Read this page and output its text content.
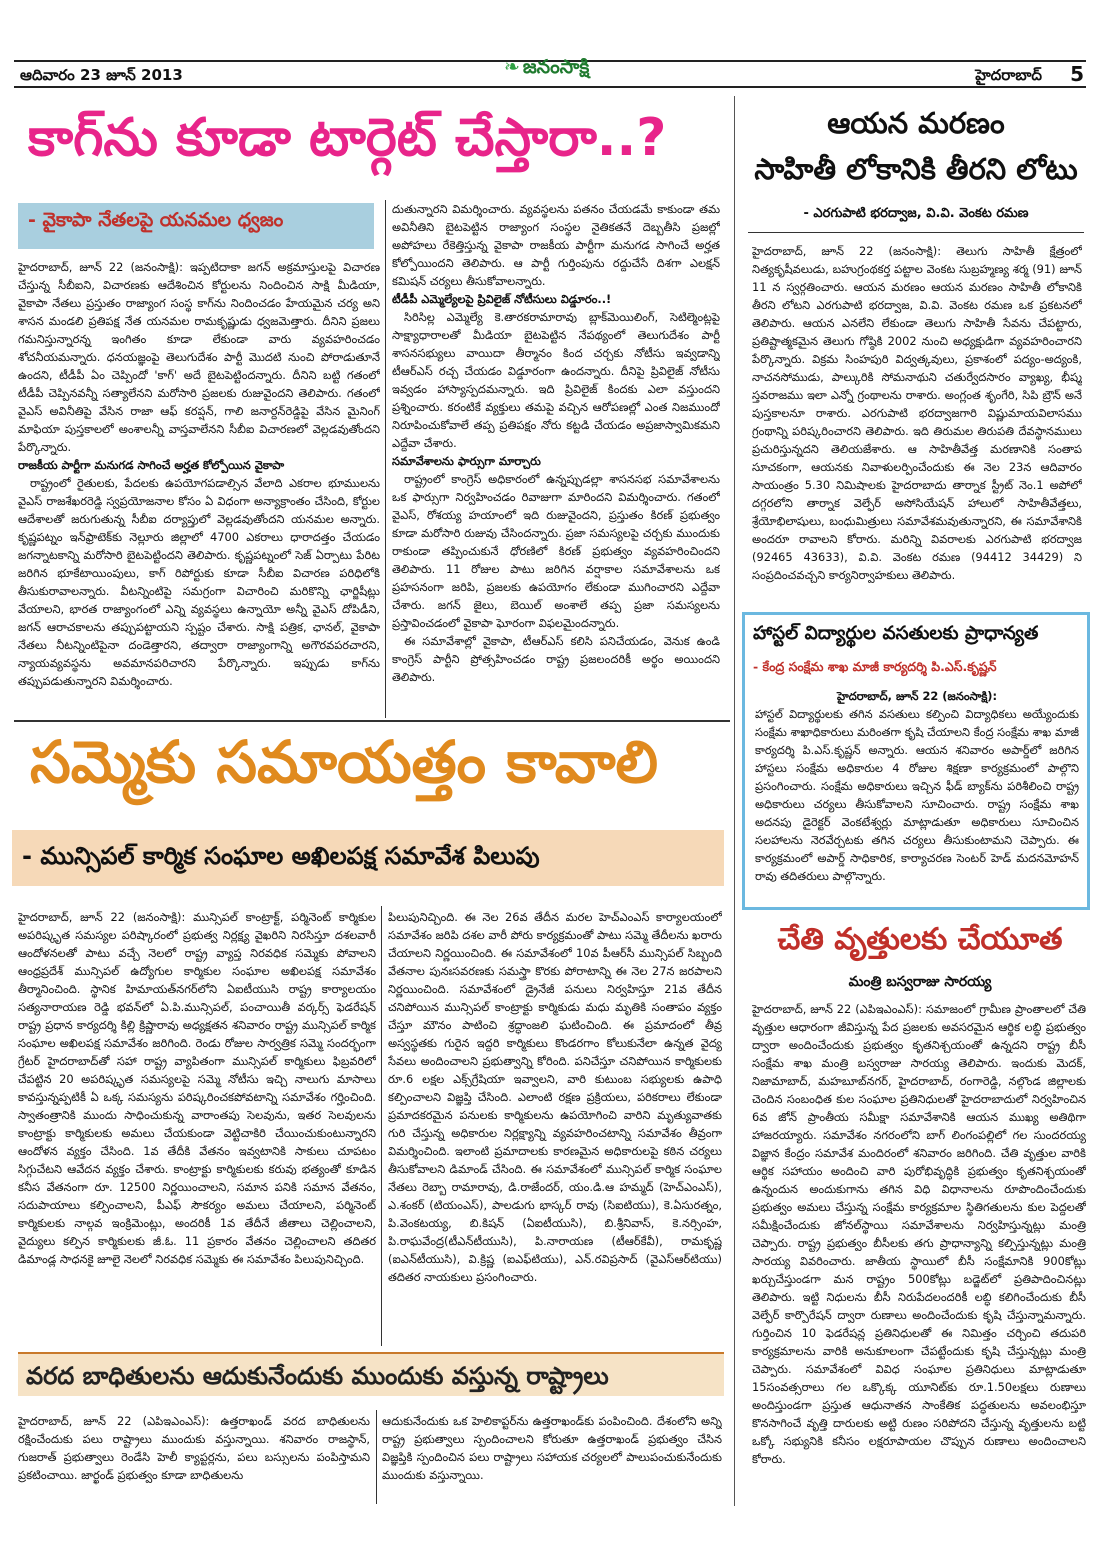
ఆదివారం 23 జూన్ 2013	❧ జనంసాక్షి	హైదరాబాద్ 5
కాగ్‌ను కూడా టార్గెట్ చేస్తారా..?
- వైకాపా నేతలపై యనమల ధ్వజం

హైదరాబాద్, జూన్ 22 (జనంసాక్షి): ఇప్పటిదాకా జగన్ అక్రమాస్తులపై విచారణ చేస్తున్న సీబీఐని, విచారణకు ఆదేశించిన కోర్టులను నిందించిన సాక్షి మీడియా, వైకాపా నేతలు ప్రస్తుతం రాజ్యాంగ సంస్థ కాగ్‌ను నిందించడం హేయమైన చర్య అని శాసన మండలి ప్రతిపక్ష నేత యనమల రామకృష్ణుడు ధ్వజమెత్తారు. దీనిని ప్రజలు గమనిస్తున్నారన్న ఇంగితం కూడా లేకుండా వారు వ్యవహరించడం శోచనీయమన్నారు. ధనయజ్ఞంపై తెలుగుదేశం పార్టీ మొదటి నుంచి పోరాడుతూనే ఉందని, టీడీపీ ఏం చెప్పిందో 'కాగ్' అదే బైటపెట్టిందన్నారు. దీనిని బట్టి గతంలో టీడీపీ చెప్పినవన్నీ సత్యాలేనని మరోసారి ప్రజలకు రుజువైందని తెలిపారు. గతంలో వైఎస్ అవినీతిపై వేసిన రాజా ఆఫ్ కరప్షన్, గాలి జనార్దన్‌రెడ్డిపై వేసిన మైనింగ్ మాఫియా పుస్తకాలలో అంశాలన్నీ వాస్తవాలేనని సీబీఐ విచారణలో వెల్లడవుతోందని పేర్కొన్నారు.

రాజకీయ పార్టీగా మనుగడ సాగించే అర్హత కోల్పోయిన వైకాపా

రాష్ట్రంలో రైతులకు, పేదలకు ఉపయోగపడాల్సిన వేలాది ఎకరాల భూములను వైఎస్ రాజశేఖరరెడ్డి స్వప్రయోజనాల కోసం ఏ విధంగా అన్యాక్రాంతం చేసింది, కోర్టుల ఆదేశాలతో జరుగుతున్న సీబీఐ దర్యాప్తులో వెల్లడవుతోందని యనమల అన్నారు. కృష్ణపట్నం ఇన్‌ఫ్రాటెక్‌కు నెల్లూరు జిల్లాలో 4700 ఎకరాలు ధారాదత్తం చేయడం జగన్నాటకాన్ని మరోసారి బైటపెట్టిందని తెలిపారు. కృష్ణపట్నంలో సెజ్ ఏర్పాటు పేరిట జరిగిన భూకేటాయింపులు, కాగ్ రిపోర్టుకు కూడా సీబీఐ విచారణ పరిధిలోకి తీసుకురావాలన్నారు. వీటన్నింటిపై సమగ్రంగా విచారించి మరికొన్ని ఛార్జిషీట్లు వేయాలని, భారత రాజ్యాంగంలో ఎన్ని వ్యవస్థలు ఉన్నాయో అన్నీ వైఎస్ దోపిడీని, జగన్ ఆరాచకాలను తప్పుపట్టాయని స్పష్టం చేశారు. సాక్షి పత్రిక, ఛానల్, వైకాపా నేతలు నీటన్నింటిపైనా దండెత్తారని, తద్వారా రాజ్యాంగాన్ని అగౌరవపరచారని, న్యాయవ్యవస్థను అవమానపరిచారని పేర్కొన్నారు. ఇప్పుడు కాగ్‌ను తప్పుపడుతున్నారని విమర్శించారు.

దుతున్నారని విమర్శించారు. వ్యవస్థలను పతనం చేయడమే కాకుండా తమ అవినీతిని బైటపెట్టిన రాజ్యాంగ సంస్థల నైతికతనే దెబ్బతీసి ప్రజల్లో అపోహలు రేకెత్తిస్తున్న వైకాపా రాజకీయ పార్టీగా మనుగడ సాగించే అర్హత కోల్పోయిందని తెలిపారు. ఆ పార్టీ గుర్తింపును రద్దుచేసే దిశగా ఎలక్షన్ కమిషన్ చర్యలు తీసుకోవాలన్నారు.

టీడీపీ ఎమ్మెల్యేలపై ప్రివిలైజ్ నోటీసులు విడ్డూరం..!

సిరిసిల్ల ఎమ్మెల్యే కె.తారకరామారావు బ్లాక్‌మెయిలింగ్, సెటిల్మెంట్లపై సాక్ష్యాధారాలతో మీడియా బైటపెట్టిన నేపథ్యంలో తెలుగుదేశం పార్టీ శాసనసభ్యులు వాయిదా తీర్మానం కింద చర్చకు నోటీసు ఇవ్వడాన్ని టీఆర్‌ఎస్ రచ్చ చేయడం విడ్డూరంగా ఉందన్నారు. దీనిపై ప్రివిలైజ్ నోటీసు ఇవ్వడం హాస్యాస్పదమన్నారు. ఇది ప్రివిలైజ్ కిందకు ఎలా వస్తుందని ప్రశ్నించారు. కరంటికే వ్యక్తులు తమపై వచ్చిన ఆరోపణల్లో ఎంత నిజముందో నిరూపించుకోవాలే తప్ప ప్రతిపక్షం నోరు కట్టడి చేయడం అప్రజాస్వామికమని ఎద్దేవా చేశారు.

సమావేశాలను ఫార్సుగా మార్చారు

రాష్ట్రంలో కాంగ్రెస్ అధికారంలో ఉన్నప్పుడల్లా శాసనసభ సమావేశాలను ఒక ఫార్సుగా నిర్వహించడం రివాజుగా మారిందని విమర్శించారు. గతంలో వైఎస్, రోశయ్య హయాంలో ఇది రుజువైందని, ప్రస్తుతం కిరణ్ ప్రభుత్వం కూడా మరోసారి రుజువు చేసిందన్నారు. ప్రజా సమస్యలపై చర్చకు ముందుకు రాకుండా తప్పించుకునే ధోరణిలో కిరణ్ ప్రభుత్వం వ్యవహరించిందని తెలిపారు. 11 రోజుల పాటు జరిగిన వర్షాకాల సమావేశాలను ఒక ప్రహసనంగా జరిపి, ప్రజలకు ఉపయోగం లేకుండా ముగించారని ఎద్దేవా చేశారు. జగన్ జైలు, బెయిల్ అంశాలే తప్ప ప్రజా సమస్యలను ప్రస్తావించడంలో వైకాపా ఘోరంగా విఫలమైందన్నారు.

ఈ సమావేశాల్లో వైకాపా, టీఆర్‌ఎస్ కలిసి పనిచేయడం, వెనుక ఉండి కాంగ్రెస్ పార్టీని ప్రోత్సహించడం రాష్ట్ర ప్రజలందరికీ అర్థం అయిందని తెలిపారు.

సమ్మెకు సమాయత్తం కావాలి
- మున్సిపల్ కార్మిక సంఘాల అఖిలపక్ష సమావేశ పిలుపు

హైదరాబాద్, జూన్ 22 (జనంసాక్షి): మున్సిపల్ కాంట్రాక్ట్, పర్మినెంట్ కార్మికుల అపరిష్కృత సమస్యల పరిష్కారంలో ప్రభుత్వ నిర్లక్ష్య వైఖరిని నిరసిస్తూ దశలవారీ ఆందోళనలతో పాటు వచ్చే నెలలో రాష్ట్ర వ్యాప్త నిరవధిక సమ్మెకు పోవాలని ఆంధ్రప్రదేశ్ మున్సిపల్ ఉద్యోగుల కార్మికుల సంఘాల అఖిలపక్ష సమావేశం తీర్మానించింది. స్థానిక హిమాయత్‌నగర్‌లోని ఏఐటీయుసి రాష్ట్ర కార్యాలయం సత్యనారాయణ రెడ్డి భవన్‌లో ఏ.పి.మున్సిపల్, పంచాయితీ వర్కర్స్ ఫెడరేషన్ రాష్ట్ర ప్రధాన కార్యదర్శి కిల్లి క్రిష్ణారావు అధ్యక్షతన శనివారం రాష్ట్ర మున్సిపల్ కార్మిక సంఘాల అఖిలపక్ష సమావేశం జరిగింది. రెండు రోజుల సార్వత్రిక సమ్మె సందర్భంగా గ్రేటర్ హైదరాబాద్‌తో సహా రాష్ట్ర వ్యాపితంగా మున్సిపల్ కార్మికులు ఫిబ్రవరిలో చేపట్టిన 20 అపరిష్కృత సమస్యలపై సమ్మె నోటీసు ఇచ్చి నాలుగు మాసాలు కావస్తున్నప్పటికీ ఏ ఒక్క సమస్యను పరిష్కరించకపోవటాన్ని సమావేశం గర్హించింది. స్వాతంత్రానికి ముందు సాధించుకున్న వారాంతపు సెలవును, ఇతర సెలవులను కాంట్రాక్టు కార్మికులకు అమలు చేయకుండా వెట్టిచాకిరి చేయించుకుంటున్నారని ఆందోళన వ్యక్తం చేసింది. 1వ తేదీకి వేతనం ఇవ్వటానికి సాకులు చూపటం సిగ్గుచేటని ఆవేదన వ్యక్తం చేశారు. కాంట్రాక్టు కార్మికులకు కరువు భత్యంతో కూడిన కనీస వేతనంగా రూ. 12500 నిర్ణయించాలని, సమాన పనికి సమాన వేతనం, సదుపాయాలు కల్పించాలని, పీఎఫ్ సౌకర్యం అమలు చేయాలని, పర్మినెంట్ కార్మికులకు నాల్గవ ఇంక్రిమెంట్లు, అందరికీ 1వ తేదీనే జీతాలు చెల్లించాలని, వైద్యులు కల్పిన కార్మికులకు జీ.ఓ. 11 ప్రకారం వేతనం చెల్లించాలని తదితర డిమాండ్ల సాధనకై జూలై నెలలో నిరవధిక సమ్మెకు ఈ సమావేశం పిలుపునిచ్చింది.

పిలుపునిచ్చింది. ఈ నెల 26వ తేదీన మరల హెచ్‌ఎంఎస్ కార్యాలయంలో సమావేశం జరిపి దశల వారీ పోరు కార్యక్రమంతో పాటు సమ్మె తేదీలను ఖరారు చేయాలని నిర్ణయించింది. ఈ సమావేశంలో 10వ పీఆర్‌సీ మున్సిపల్ సిబ్బంది వేతనాల పునఃసవరణకు సమస్త్రా కొరకు పోరాటాన్ని ఈ నెల 27న జరపాలని నిర్ణయించింది. సమావేశంలో డ్రైనేజీ పనులు నిర్వహిస్తూ 21వ తేదీన చనిపోయిన మున్సిపల్ కాంట్రాక్టు కార్మికుడు మధు మృతికి సంతాపం వ్యక్తం చేస్తూ మౌనం పాటించి శ్రద్ధాంజలి ఘటించింది. ఈ ప్రమాదంలో తీవ్ర అస్వస్థతకు గురైన ఇద్దరి కార్మికులు కొండరగాం కోలుకునేలా ఉన్నత వైద్య సేవలు అందించాలని ప్రభుత్వాన్ని కోరింది. పనిచేస్తూ చనిపోయిన కార్మికులకు రూ.6 లక్షల ఎక్స్‌గ్రేషియా ఇవ్వాలని, వారి కుటుంబ సభ్యులకు ఉపాధి కల్పించాలని విజ్ఞప్తి చేసింది. ఎలాంటి రక్షణ ప్రక్రియలు, పరికరాలు లేకుండా ప్రమాదకరమైన పనులకు కార్మికులను ఉపయోగించి వారిని మృత్యువాతకు గురి చేస్తున్న అధికారుల నిర్లక్ష్యాన్ని వ్యవహరించటాన్ని సమావేశం తీవ్రంగా విమర్శించింది. ఇలాంటి ప్రమాదాలకు కారణమైన అధికారులపై కఠిన చర్యలు తీసుకోవాలని డిమాండ్ చేసింది. ఈ సమావేశంలో మున్సిపల్ కార్మిక సంఘాల నేతలు రెబ్బా రామారావు, డి.రాజేందర్, యం.డి.ఆ హమ్మద్ (హెచ్‌ఎంఎస్), ఎ.శంకర్ (టియంఎస్), పాలడుగు భాస్కర్ రావు (సిఐటియు), కె.ఏసురత్నం, పి.వెంకటయ్య, బి.కిషన్ (ఏఐటీయుసి), బి.శ్రీనివాస్, కె.నర్సింహ, పి.రాఘవేంద్ర(టీఎన్‌టీయుసి), పి.నారాయణ (టీఆర్‌కేవీ), రామకృష్ణ (ఐఎన్‌టీయుసి), వి.క్రిష్ణ (ఐఎఫ్‌టియు), ఎన్.రవిప్రసాద్ (వైఎస్ఆర్‌టియు) తదితర నాయకులు ప్రసంగించారు.

వరద బాధితులను ఆదుకునేందుకు ముందుకు వస్తున్న రాష్ట్రాలు

హైదరాబాద్, జూన్ 22 (ఎపిఇఎంఎస్): ఉత్తరాఖండ్ వరద బాధితులను రక్షించేందుకు పలు రాష్ట్రాలు ముందుకు వస్తున్నాయి. శనివారం రాజస్థాన్, గుజరాత్ ప్రభుత్వాలు రెండేసి హెలీ క్యాప్టర్లను, పలు బస్సులను పంపిస్తామని ప్రకటించాయి. జార్ఖండ్ ప్రభుత్వం కూడా బాధితులను

ఆదుకునేందుకు ఒక హెలికాప్టర్‌ను ఉత్తరాఖండ్‌కు పంపించింది. దేశంలోని అన్ని రాష్ట్ర ప్రభుత్వాలు స్పందించాలని కోరుతూ ఉత్తరాఖండ్ ప్రభుత్వం చేసిన విజ్ఞప్తికి స్పందించిన పలు రాష్ట్రాలు సహాయక చర్యలలో పాలుపంచుకునేందుకు ముందుకు వస్తున్నాయి.

ఆయన మరణం
సాహితీ లోకానికి తీరని లోటు
- ఎరగుపాటి భరద్వాజ, వి.వి. వెంకట రమణ

హైదరాబాద్, జూన్ 22 (జనంసాక్షి): తెలుగు సాహితీ క్షేత్రంలో నిత్యకృషీవలుడు, బహుగ్రంథకర్త పట్టాల వెంకట సుబ్రహ్మణ్య శర్మ (91) జూన్ 11 న స్వర్గతించారు. ఆయన మరణం ఆయన మరణం సాహితీ లోకానికి తీరని లోటని ఎరగుపాటి భరద్వాజ, వి.వి. వెంకట రమణ ఒక ప్రకటనలో తెలిపారు. ఆయన ఎనలేని లేకుండా తెలుగు సాహితీ సేవను చేపట్టారు, ప్రతిష్టాత్మకమైన తెలుగు గోష్ఠికి 2002 నుంచి అధ్యక్షుడిగా వ్యవహరించారని పేర్కొన్నారు. విక్రమ సింహపురి విద్వత్కవులు, ప్రకాశంలో పద్యం-అద్యంకి, నాచనసోముడు, పాల్కురికి సోమనాథుని చతుర్వేదసారం వ్యాఖ్య, భీష్మ స్తవరాజము ఇలా ఎన్నో గ్రంథాలను రాశారు. అంగ్లంత శృంగేరి, సిపి బ్రౌన్ అనే పుస్తకాలనూ రాశారు. ఎరగుపాటి భరద్వాజగారి విష్ణుమాయవిలాసము గ్రంథాన్ని పరిష్కరించారని తెలిపారు. ఇది తిరుమల తిరుపతి దేవస్థానములు ప్రచురిస్తున్నదని తెలియజేశారు. ఆ సాహితీవేత్త మరణానికి సంతాప సూచకంగా, ఆయనకు నివాళులర్పించేందుకు ఈ నెల 23న ఆదివారం సాయంత్రం 5.30 నిమిషాలకు హైదరాబాదు తార్నాక స్ట్రీట్ నెం.1 అపోలో దగ్గరలోని తార్నాక వెల్ఫేర్ అసోసియేషన్ హాలులో సాహితీవేత్తలు, శ్రేయోభిలాషులు, బంధుమిత్రులు సమావేశమవుతున్నారని, ఈ సమావేశానికి అందరూ రావాలని కోరారు. మరిన్ని వివరాలకు ఎరగుపాటి భరద్వాజ (92465 43633), వి.వి. వెంకట రమణ (94412 34429) ని సంప్రదించవచ్చని కార్యనిర్వాహకులు తెలిపారు.

హాస్టల్ విద్యార్థుల వసతులకు ప్రాధాన్యత
- కేంద్ర సంక్షేమ శాఖ మాజీ కార్యదర్శి పి.ఎస్.కృష్ణన్

హైదరాబాద్, జూన్ 22 (జనంసాక్షి):

హాస్టల్ విద్యార్థులకు తగిన వసతులు కల్పించి విద్యాధికలు అయ్యేందుకు సంక్షేమ శాఖాధికారులు మరింతగా కృషి చేయాలని కేంద్ర సంక్షేమ శాఖ మాజీ కార్యదర్శి పి.ఎస్.కృష్ణన్ అన్నారు. ఆయన శనివారం అపార్డ్‌లో జరిగిన హాస్టలు సంక్షేమ అధికారుల 4 రోజుల శిక్షణా కార్యక్రమంలో పాల్గొని ప్రసంగించారు. సంక్షేమ అధికారులు ఇచ్చిన ఫీడ్ బ్యాక్‌ను పరిశీలించి రాష్ట్ర అధికారులు చర్యలు తీసుకోవాలని సూచించారు. రాష్ట్ర సంక్షేమ శాఖ అదనపు డైరెక్టర్ వెంకటేశ్వర్లు మాట్లాడుతూ అధికారులు సూచించిన సలహాలను నెరవేర్చటకు తగిన చర్యలు తీసుకుంటామని చెప్పారు. ఈ కార్యక్రమంలో అపార్డ్ సాధికారిక, కార్యాచరణ సెంటర్ హెడ్ మదనమోహన్ రావు తదితరులు పాల్గొన్నారు.

చేతి వృత్తులకు చేయూత
మంత్రి బస్వరాజు సారయ్య

హైదరాబాద్, జూన్ 22 (ఎపిఇఎంఎస్): సమాజంలో గ్రామీణ ప్రాంతాలలో చేతి వృత్తుల ఆధారంగా జీవిస్తున్న పేద ప్రజలకు అవసరమైన ఆర్థిక లబ్ధి ప్రభుత్వం ద్వారా అందించేందుకు ప్రభుత్వం కృతనిశ్చయంతో ఉన్నదని రాష్ట్ర బీసీ సంక్షేమ శాఖ మంత్రి బస్వరాజు సారయ్య తెలిపారు. ఇందుకు మెదక్, నిజామాబాద్, మహబూబ్‌నగర్, హైదరాబాద్, రంగారెడ్డి, నల్గొండ జిల్లాలకు చెందిన సంబంధిత కుల సంఘాల ప్రతినిధులతో హైదరాబాదులో నిర్వహించిన 6వ జోన్ ప్రాంతీయ సమీక్షా సమావేశానికి ఆయన ముఖ్య అతిథిగా హాజరయ్యారు. సమావేశం నగరంలోని బాగ్ లింగంపల్లిలో గల సుందరయ్య విజ్ఞాన కేంద్రం సమావేశ మందిరంలో శనివారం జరిగింది. చేతి వృత్తుల వారికి ఆర్థిక సహాయం అందించి వారి పురోభివృద్ధికి ప్రభుత్వం కృతనిశ్చయంతో ఉన్నందున అందుకుగాను తగిన విధి విధానాలను రూపొందించేందుకు ప్రభుత్వం అమలు చేస్తున్న సంక్షేమ కార్యక్రమాల స్థితిగతులను కుల పెద్దలతో సమీక్షించేందుకు జోనల్‌స్థాయి సమావేశాలను నిర్వహిస్తున్నట్లు మంత్రి చెప్పారు. రాష్ట్ర ప్రభుత్వం బీసీలకు తగు ప్రాధాన్యాన్ని కల్పిస్తున్నట్లు మంత్రి సారయ్య వివరించారు. జాతీయ స్థాయిలో బీసీ సంక్షేమానికి 900కోట్లు ఖర్చుచేస్తుండగా మన రాష్ట్రం 500కోట్లు బడ్జెట్‌లో ప్రతిపాదించినట్లు తెలిపారు. ఇట్టి నిధులను బీసీ నిరుపేదలందరికీ లబ్ధి కలిగించేందుకు బీసీ వెల్ఫేర్ కార్పొరేషన్ ద్వారా రుణాలు అందించేందుకు కృషి చేస్తున్నామన్నారు. గుర్తించిన 10 ఫెడరేషన్ల ప్రతినిధులతో ఈ నిమిత్తం చర్చించి తదుపరి కార్యక్రమాలను వారికి అనుకూలంగా చేపట్టేందుకు కృషి చేస్తున్నట్లు మంత్రి చెప్పారు. సమావేశంలో వివిధ సంఘాల ప్రతినిధులు మాట్లాడుతూ 15సంవత్సరాలు గల ఒక్కొక్క యూనిట్‌కు రూ.1.50లక్షలు రుణాలు అందిస్తుండగా ప్రస్తుత ఆధునాతన సాంకేతిక పద్ధతులను అవలంభిస్తూ కొనసాగించే వృత్తి దారులకు అట్టి రుణం సరిపోదని చేస్తున్న వృత్తులను బట్టి ఒక్కో సభ్యునికి కనీసం లక్షరూపాయల చొప్పున రుణాలు అందించాలని కోరారు.
